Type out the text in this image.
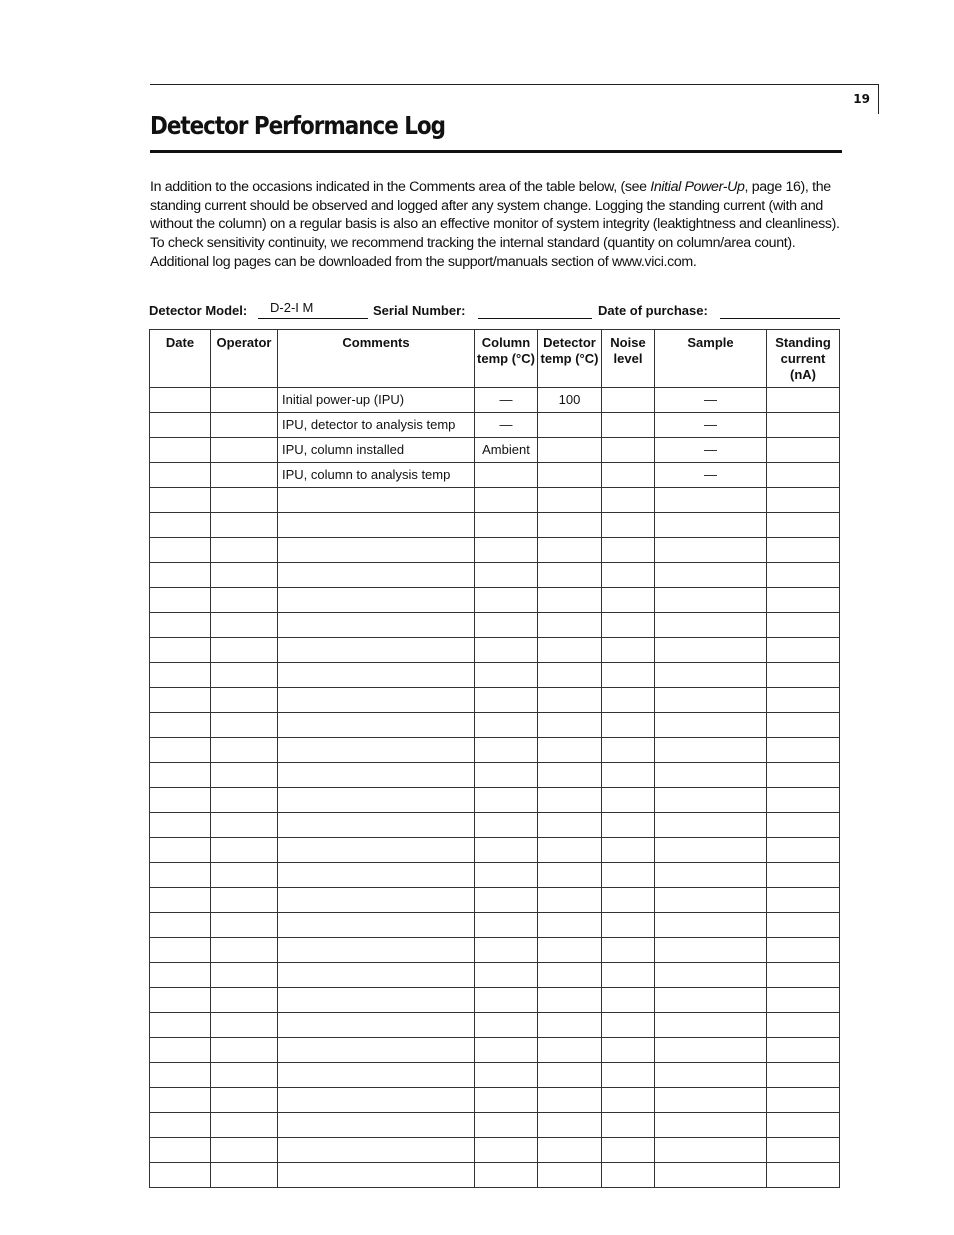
19
Detector Performance Log

In addition to the occasions indicated in the Comments area of the table below, (see Initial Power-Up, page 16), the standing current should be observed and logged after any system change. Logging the standing current (with and without the column) on a regular basis is also an effective monitor of system integrity (leaktightness and cleanliness). To check sensitivity continuity, we recommend tracking the internal standard (quantity on column/area count). Additional log pages can be downloaded from the support/manuals section of www.vici.com.

Detector Model: D-2-I M	Serial Number:	Date of purchase:
Date	Operator	Comments	Column temp (°C)	Detector temp (°C)	Noise level	Sample	Standing current (nA)
		Initial power-up (IPU)	—	100		—	
		IPU, detector to analysis temp	—			—	
		IPU, column installed	Ambient			—	
		IPU, column to analysis temp				—	
